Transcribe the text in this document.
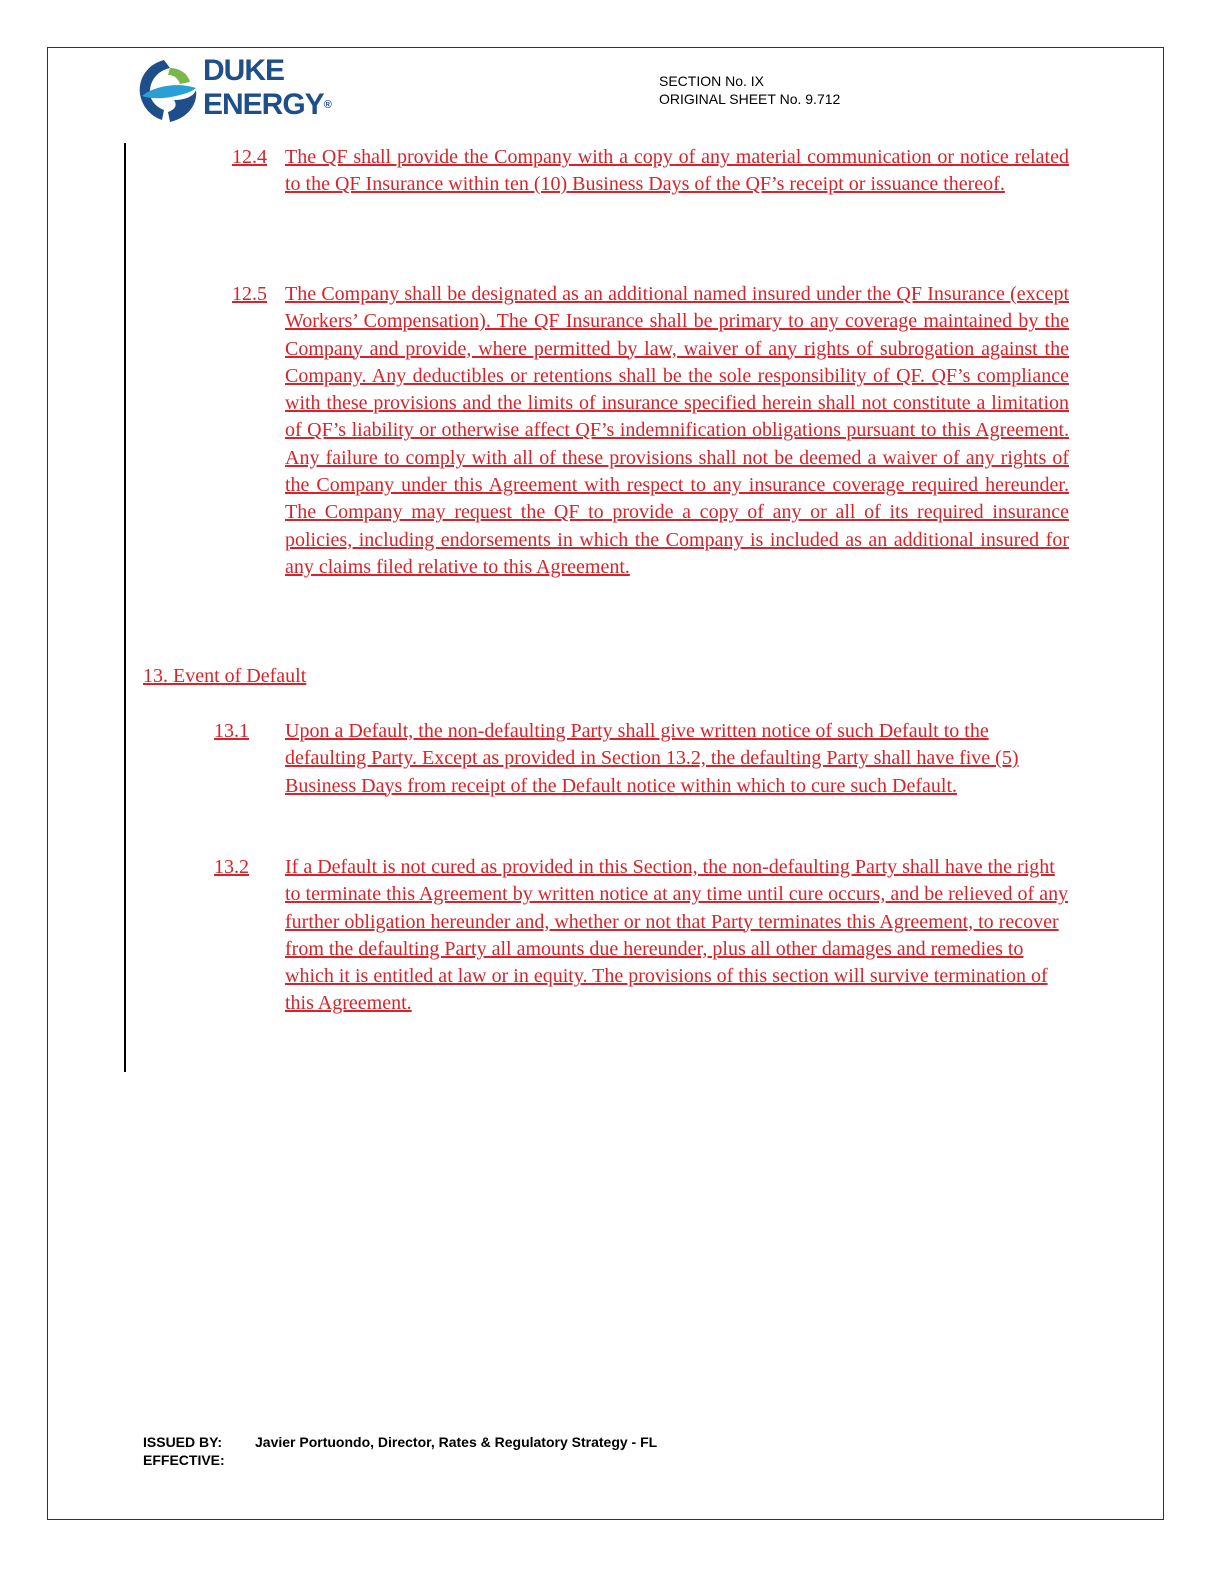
DUKE
ENERGY®
SECTION No. IX
ORIGINAL SHEET No. 9.712
12.4 The QF shall provide the Company with a copy of any material communication or notice related to the QF Insurance within ten (10) Business Days of the QF’s receipt or issuance thereof.
12.5 The Company shall be designated as an additional named insured under the QF Insurance (except Workers’ Compensation). The QF Insurance shall be primary to any coverage maintained by the Company and provide, where permitted by law, waiver of any rights of subrogation against the Company. Any deductibles or retentions shall be the sole responsibility of QF. QF’s compliance with these provisions and the limits of insurance specified herein shall not constitute a limitation of QF’s liability or otherwise affect QF’s indemnification obligations pursuant to this Agreement. Any failure to comply with all of these provisions shall not be deemed a waiver of any rights of the Company under this Agreement with respect to any insurance coverage required hereunder. The Company may request the QF to provide a copy of any or all of its required insurance policies, including endorsements in which the Company is included as an additional insured for any claims filed relative to this Agreement.
13. Event of Default
13.1 Upon a Default, the non-defaulting Party shall give written notice of such Default to the defaulting Party. Except as provided in Section 13.2, the defaulting Party shall have five (5) Business Days from receipt of the Default notice within which to cure such Default.
13.2 If a Default is not cured as provided in this Section, the non-defaulting Party shall have the right to terminate this Agreement by written notice at any time until cure occurs, and be relieved of any further obligation hereunder and, whether or not that Party terminates this Agreement, to recover from the defaulting Party all amounts due hereunder, plus all other damages and remedies to which it is entitled at law or in equity. The provisions of this section will survive termination of this Agreement.
ISSUED BY: Javier Portuondo, Director, Rates & Regulatory Strategy - FL
EFFECTIVE:
